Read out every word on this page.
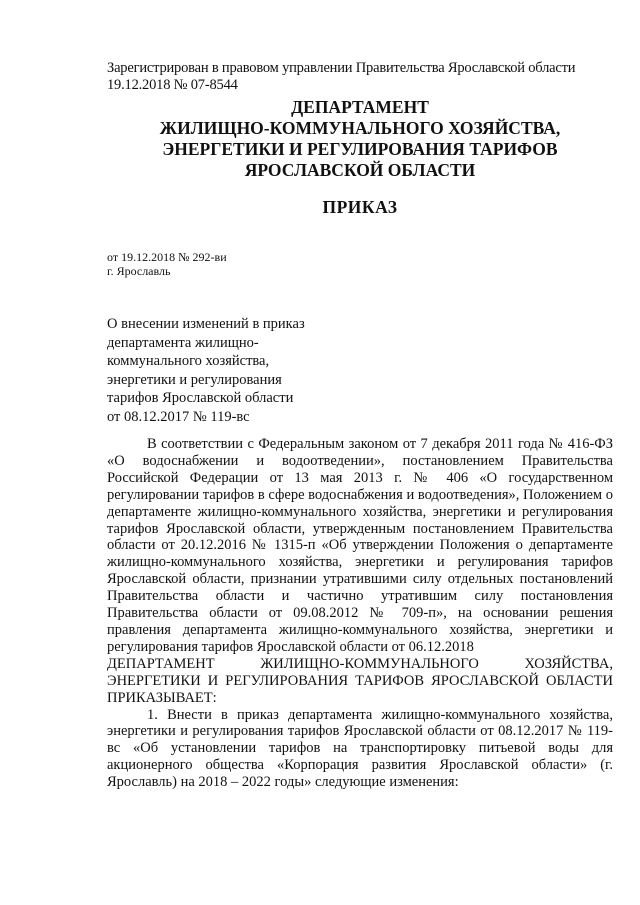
Зарегистрирован в правовом управлении Правительства Ярославской области
19.12.2018 № 07-8544
ДЕПАРТАМЕНТ
ЖИЛИЩНО-КОММУНАЛЬНОГО ХОЗЯЙСТВА,
ЭНЕРГЕТИКИ И РЕГУЛИРОВАНИЯ ТАРИФОВ
ЯРОСЛАВСКОЙ ОБЛАСТИ
ПРИКАЗ
от 19.12.2018 № 292-ви
г. Ярославль
О внесении изменений в приказ
департамента жилищно-
коммунального хозяйства,
энергетики и регулирования
тарифов Ярославской области
от 08.12.2017 № 119-вс

В соответствии с Федеральным законом от 7 декабря 2011 года № 416-ФЗ «О водоснабжении и водоотведении», постановлением Правительства Российской Федерации от 13 мая 2013 г. № 406 «О государственном регулировании тарифов в сфере водоснабжения и водоотведения», Положением о департаменте жилищно-коммунального хозяйства, энергетики и регулирования тарифов Ярославской области, утвержденным постановлением Правительства области от 20.12.2016 № 1315-п «Об утверждении Положения о департаменте жилищно-коммунального хозяйства, энергетики и регулирования тарифов Ярославской области, признании утратившими силу отдельных постановлений Правительства области и частично утратившим силу постановления Правительства области от 09.08.2012 № 709-п», на основании решения правления департамента жилищно-коммунального хозяйства, энергетики и регулирования тарифов Ярославской области от 06.12.2018

ДЕПАРТАМЕНТ ЖИЛИЩНО-КОММУНАЛЬНОГО ХОЗЯЙСТВА, ЭНЕРГЕТИКИ И РЕГУЛИРОВАНИЯ ТАРИФОВ ЯРОСЛАВСКОЙ ОБЛАСТИ ПРИКАЗЫВАЕТ:

1. Внести в приказ департамента жилищно-коммунального хозяйства, энергетики и регулирования тарифов Ярославской области от 08.12.2017 № 119-вс «Об установлении тарифов на транспортировку питьевой воды для акционерного общества «Корпорация развития Ярославской области» (г. Ярославль) на 2018 – 2022 годы» следующие изменения:
